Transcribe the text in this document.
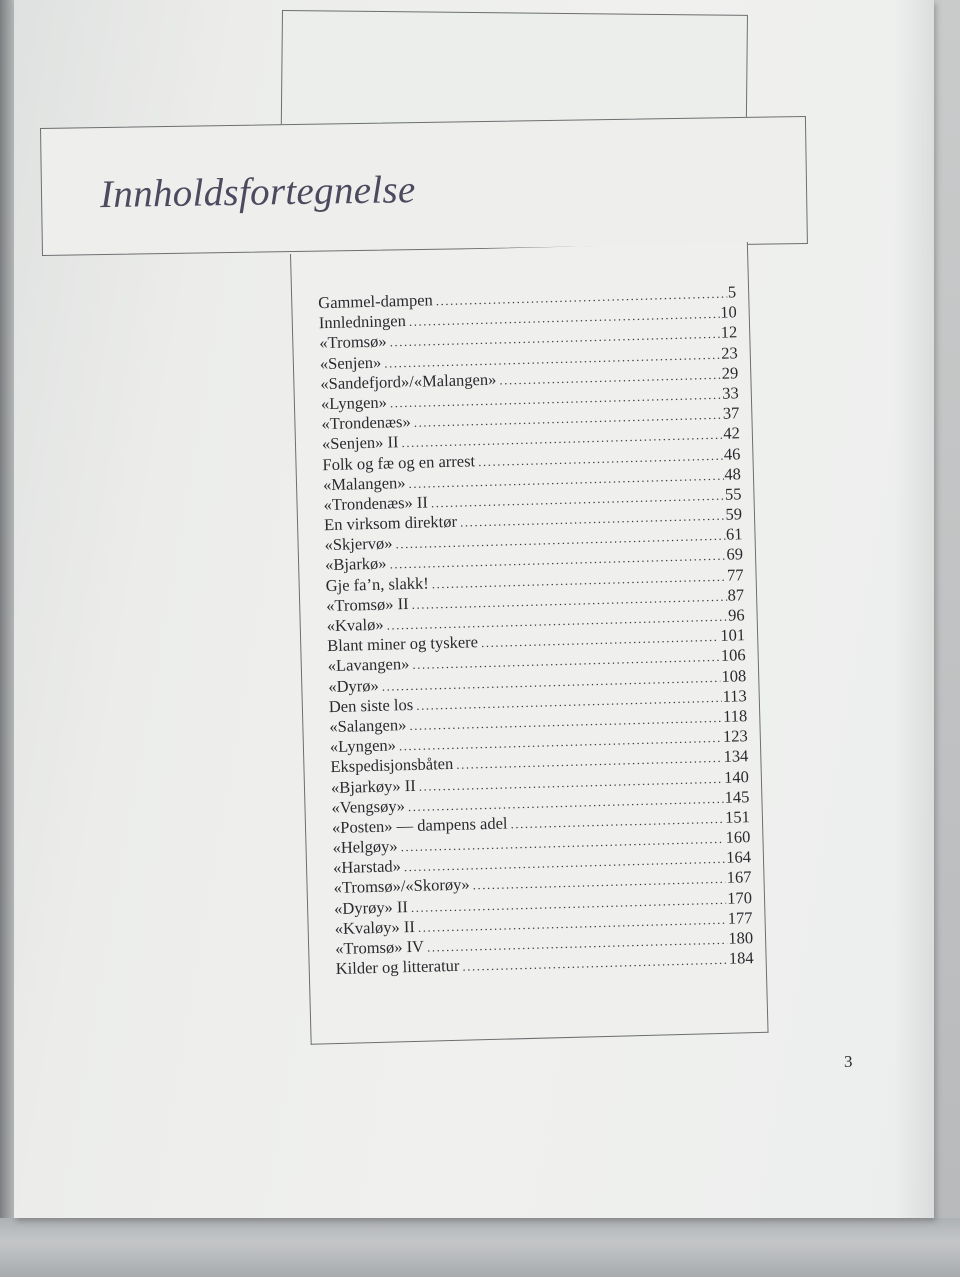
Innholdsfortegnelse
Gammel-dampen .....	5
Innledningen .....	10
«Tromsø» .....	12
«Senjen» .....	23
«Sandefjord»/«Malangen» .....	29
«Lyngen» .....	33
«Trondenæs» .....	37
«Senjen» II .....	42
Folk og fæ og en arrest .....	46
«Malangen» .....	48
«Trondenæs» II .....	55
En virksom direktør .....	59
«Skjervø» .....	61
«Bjarkø» .....	69
Gje fa’n, slakk! .....	77
«Tromsø» II .....	87
«Kvalø» .....	96
Blant miner og tyskere .....	101
«Lavangen» .....	106
«Dyrø» .....	108
Den siste los .....	113
«Salangen» .....	118
«Lyngen» .....	123
Ekspedisjonsbåten .....	134
«Bjarkøy» II .....	140
«Vengsøy» .....	145
«Posten» — dampens adel .....	151
«Helgøy» .....	160
«Harstad» .....	164
«Tromsø»/«Skorøy» .....	167
«Dyrøy» II .....	170
«Kvaløy» II .....	177
«Tromsø» IV .....	180
Kilder og litteratur .....	184
3
